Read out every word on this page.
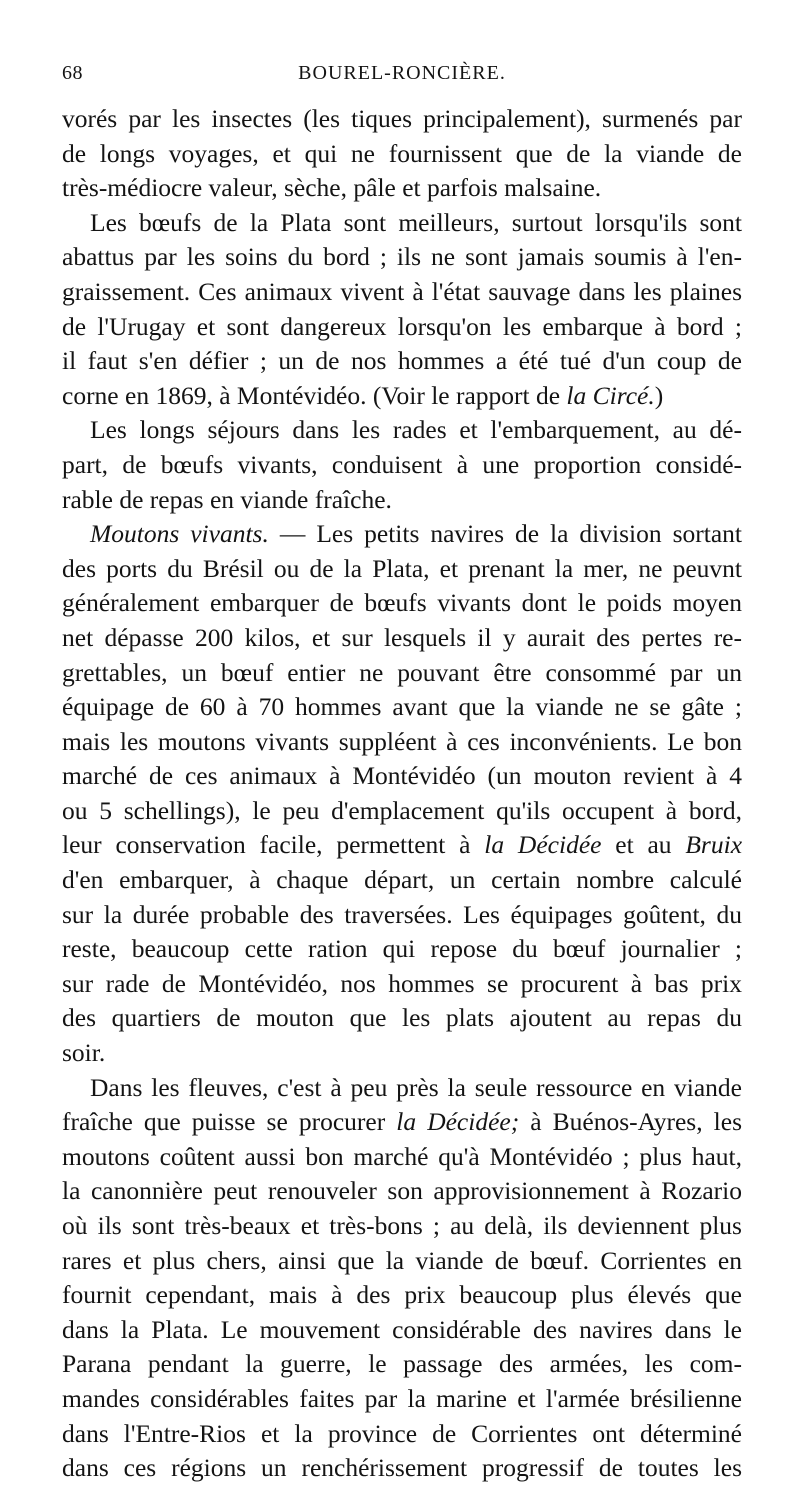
68	BOUREL-RONCIÈRE.
vorés par les insectes (les tiques principalement), surmenés par
de longs voyages, et qui ne fournissent que de la viande de
très-médiocre valeur, sèche, pâle et parfois malsaine.
Les bœufs de la Plata sont meilleurs, surtout lorsqu'ils sont
abattus par les soins du bord ; ils ne sont jamais soumis à l'en-
graissement. Ces animaux vivent à l'état sauvage dans les plaines
de l'Urugay et sont dangereux lorsqu'on les embarque à bord ;
il faut s'en défier ; un de nos hommes a été tué d'un coup de
corne en 1869, à Montévidéo. (Voir le rapport de la Circé.)
Les longs séjours dans les rades et l'embarquement, au dé-
part, de bœufs vivants, conduisent à une proportion considé-
rable de repas en viande fraîche.
Moutons vivants. — Les petits navires de la division sortant
des ports du Brésil ou de la Plata, et prenant la mer, ne peuvnt
généralement embarquer de bœufs vivants dont le poids moyen
net dépasse 200 kilos, et sur lesquels il y aurait des pertes re-
grettables, un bœuf entier ne pouvant être consommé par un
équipage de 60 à 70 hommes avant que la viande ne se gâte ;
mais les moutons vivants suppléent à ces inconvénients. Le bon
marché de ces animaux à Montévidéo (un mouton revient à 4
ou 5 schellings), le peu d'emplacement qu'ils occupent à bord,
leur conservation facile, permettent à la Décidée et au Bruix
d'en embarquer, à chaque départ, un certain nombre calculé
sur la durée probable des traversées. Les équipages goûtent, du
reste, beaucoup cette ration qui repose du bœuf journalier ;
sur rade de Montévidéo, nos hommes se procurent à bas prix
des quartiers de mouton que les plats ajoutent au repas du
soir.
Dans les fleuves, c'est à peu près la seule ressource en viande
fraîche que puisse se procurer la Décidée; à Buénos-Ayres, les
moutons coûtent aussi bon marché qu'à Montévidéo ; plus haut,
la canonnière peut renouveler son approvisionnement à Rozario
où ils sont très-beaux et très-bons ; au delà, ils deviennent plus
rares et plus chers, ainsi que la viande de bœuf. Corrientes en
fournit cependant, mais à des prix beaucoup plus élevés que
dans la Plata. Le mouvement considérable des navires dans le
Parana pendant la guerre, le passage des armées, les com-
mandes considérables faites par la marine et l'armée brésilienne
dans l'Entre-Rios et la province de Corrientes ont déterminé
dans ces régions un renchérissement progressif de toutes les
